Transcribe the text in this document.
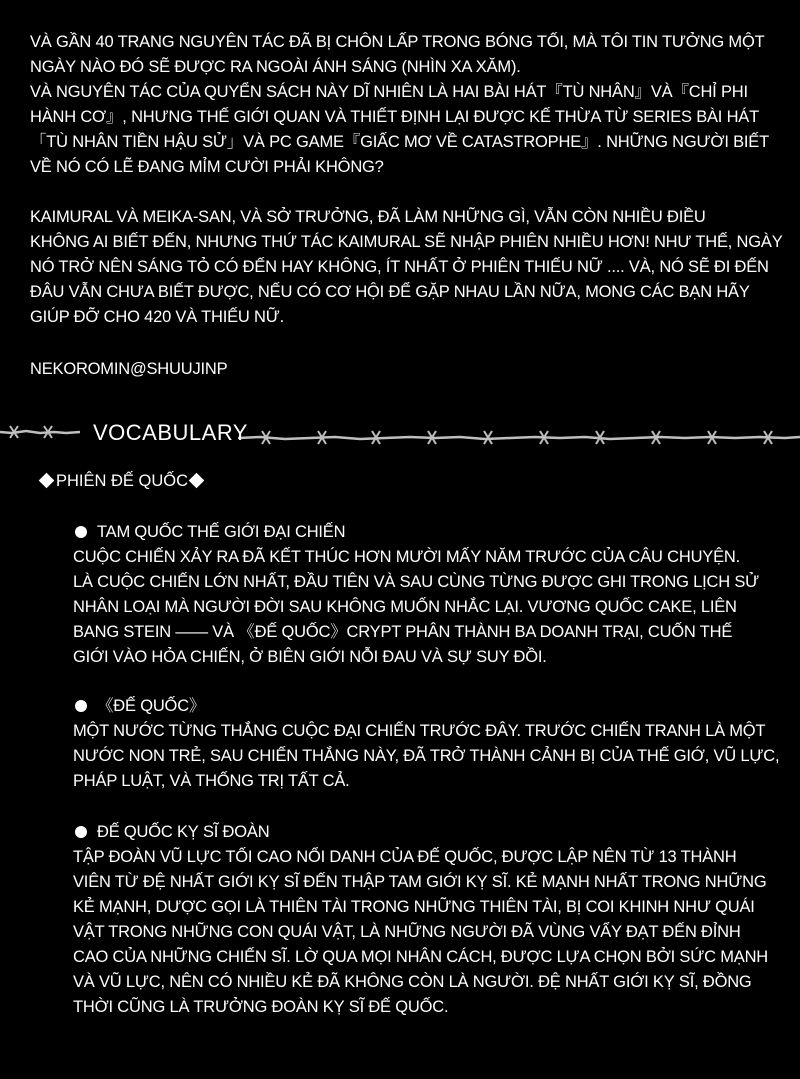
VÀ GẦN 40 TRANG NGUYÊN TÁC ĐÃ BỊ CHÔN LẤP TRONG BÓNG TỐI, MÀ TÔI TIN TƯỞNG MỘT
NGÀY NÀO ĐÓ SẼ ĐƯỢC RA NGOÀI ÁNH SÁNG (NHÌN XA XĂM).
VÀ NGUYÊN TÁC CỦA QUYỂN SÁCH NÀY DĨ NHIÊN LÀ HAI BÀI HÁT『TÙ NHÂN』VÀ『CHỈ PHI
HÀNH CƠ』, NHƯNG THẾ GIỚI QUAN VÀ THIẾT ĐỊNH LẠI ĐƯỢC KẾ THỪA TỪ SERIES BÀI HÁT
「TÙ NHÂN TIỀN HẬU SỬ」VÀ PC GAME『GIẤC MƠ VỀ CATASTROPHE』. NHỮNG NGƯỜI BIẾT
VỀ NÓ CÓ LẼ ĐANG MỈM CƯỜI PHẢI KHÔNG?
KAIMURAL VÀ MEIKA-SAN, VÀ SỞ TRƯỞNG, ĐÃ LÀM NHỮNG GÌ, VẪN CÒN NHIỀU ĐIỀU
KHÔNG AI BIẾT ĐẾN, NHƯNG THỨ TÁC KAIMURAL SẼ NHẬP PHIÊN NHIỀU HƠN! NHƯ THẾ, NGÀY
NÓ TRỞ NÊN SÁNG TỎ CÓ ĐẾN HAY KHÔNG, ÍT NHẤT Ở PHIÊN THIẾU NỮ .... VÀ, NÓ SẼ ĐI ĐẾN
ĐÂU VẪN CHƯA BIẾT ĐƯỢC, NẾU CÓ CƠ HỘI ĐỂ GẶP NHAU LẦN NỮA, MONG CÁC BẠN HÃY
GIÚP ĐỠ CHO 420 VÀ THIẾU NỮ.
NEKOROMIN@SHUUJINP
VOCABULARY
PHIÊN ĐẾ QUỐC
TAM QUỐC THẾ GIỚI ĐẠI CHIẾN
CUỘC CHIẾN XẢY RA ĐÃ KẾT THÚC HƠN MƯỜI MẤY NĂM TRƯỚC CỦA CÂU CHUYỆN.
LÀ CUỘC CHIẾN LỚN NHẤT, ĐẦU TIÊN VÀ SAU CÙNG TỪNG ĐƯỢC GHI TRONG LỊCH SỬ
NHÂN LOẠI MÀ NGƯỜI ĐỜI SAU KHÔNG MUỐN NHẮC LẠI. VƯƠNG QUỐC CAKE, LIÊN
BANG STEIN —— VÀ 《ĐẾ QUỐC》CRYPT PHÂN THÀNH BA DOANH TRẠI, CUỐN THẾ
GIỚI VÀO HỎA CHIẾN, Ở BIÊN GIỚI NỖI ĐAU VÀ SỰ SUY ĐỒI.
《ĐẾ QUỐC》
MỘT NƯỚC TỪNG THẮNG CUỘC ĐẠI CHIẾN TRƯỚC ĐÂY. TRƯỚC CHIẾN TRANH LÀ MỘT
NƯỚC NON TRẺ, SAU CHIẾN THẮNG NÀY, ĐÃ TRỞ THÀNH CẢNH BỊ CỦA THẾ GIỚ, VŨ LỰC,
PHÁP LUẬT, VÀ THỐNG TRỊ TẤT CẢ.
ĐẾ QUỐC KỴ SĨ ĐOÀN
TẬP ĐOÀN VŨ LỰC TỐI CAO NỔI DANH CỦA ĐẾ QUỐC, ĐƯỢC LẬP NÊN TỪ 13 THÀNH
VIÊN TỪ ĐỆ NHẤT GIỚI KỴ SĨ ĐẾN THẬP TAM GIỚI KỴ SĨ. KẺ MẠNH NHẤT TRONG NHỮNG
KẺ MẠNH, DƯỢC GỌI LÀ THIÊN TÀI TRONG NHỮNG THIÊN TÀI, BỊ COI KHINH NHƯ QUÁI
VẬT TRONG NHỮNG CON QUÁI VẬT, LÀ NHỮNG NGƯỜI ĐÃ VÙNG VẨY ĐẠT ĐẾN ĐỈNH
CAO CỦA NHỮNG CHIẾN SĨ. LỜ QUA MỌI NHÂN CÁCH, ĐƯỢC LỰA CHỌN BỞI SỨC MẠNH
VÀ VŨ LỰC, NÊN CÓ NHIỀU KẺ ĐÃ KHÔNG CÒN LÀ NGƯỜI. ĐỆ NHẤT GIỚI KỴ SĨ, ĐỒNG
THỜI CŨNG LÀ TRƯỞNG ĐOÀN KỴ SĨ ĐẾ QUỐC.
